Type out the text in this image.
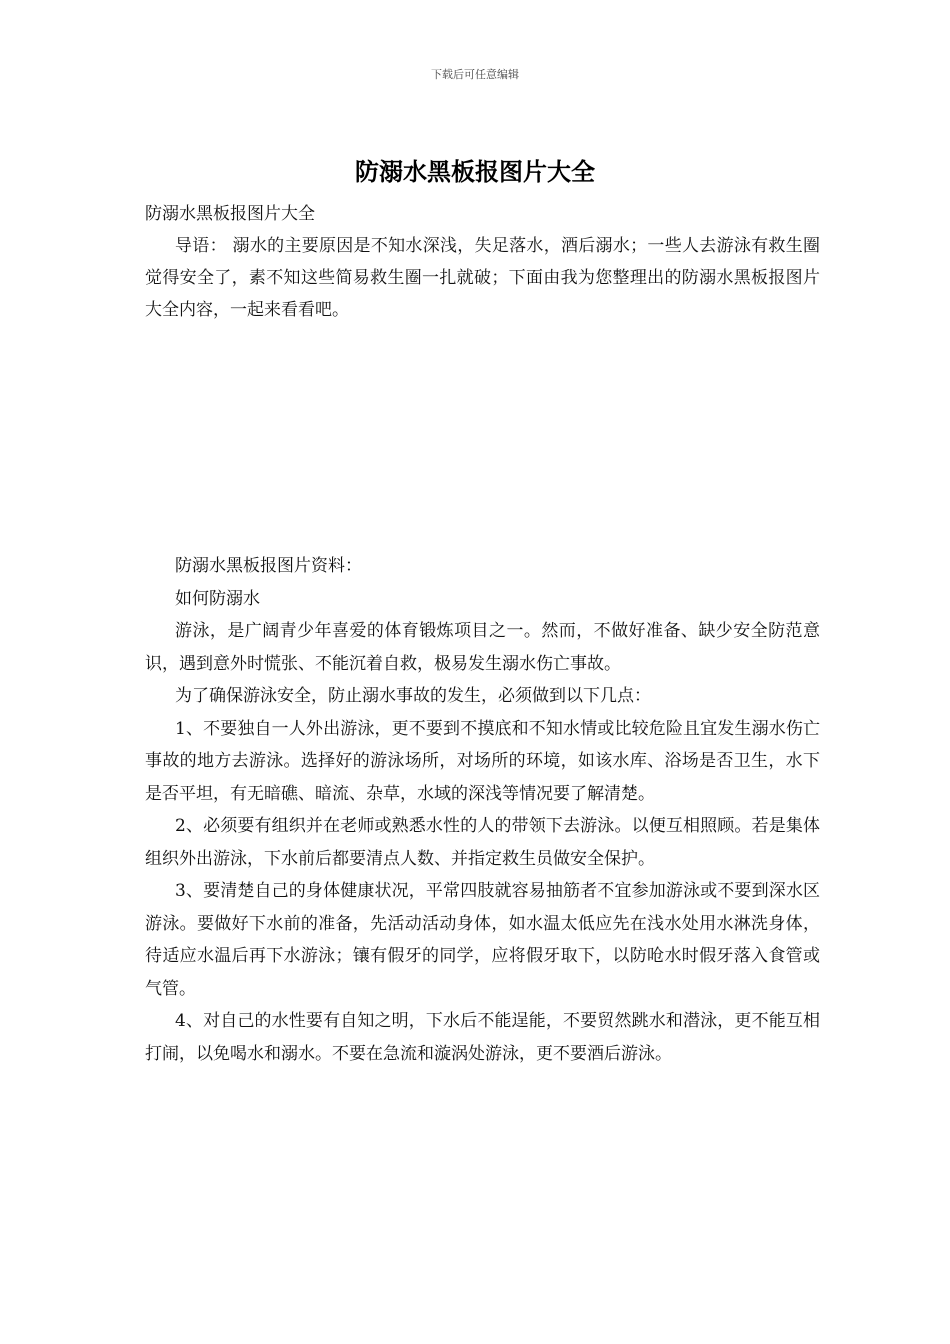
下载后可任意编辑
防溺水黑板报图片大全

防溺水黑板报图片大全

导语： 溺水的主要原因是不知水深浅，失足落水，酒后溺水；一些人去游泳有救生圈觉得安全了，素不知这些简易救生圈一扎就破；下面由我为您整理出的防溺水黑板报图片大全内容，一起来看看吧。

防溺水黑板报图片资料：

如何防溺水

游泳，是广阔青少年喜爱的体育锻炼项目之一。然而，不做好准备、缺少安全防范意识，遇到意外时慌张、不能沉着自救，极易发生溺水伤亡事故。

为了确保游泳安全，防止溺水事故的发生，必须做到以下几点：

1、不要独自一人外出游泳，更不要到不摸底和不知水情或比较危险且宜发生溺水伤亡事故的地方去游泳。选择好的游泳场所，对场所的环境，如该水库、浴场是否卫生，水下是否平坦，有无暗礁、暗流、杂草，水域的深浅等情况要了解清楚。

2、必须要有组织并在老师或熟悉水性的人的带领下去游泳。以便互相照顾。若是集体组织外出游泳，下水前后都要清点人数、并指定救生员做安全保护。

3、要清楚自己的身体健康状况，平常四肢就容易抽筋者不宜参加游泳或不要到深水区游泳。要做好下水前的准备，先活动活动身体，如水温太低应先在浅水处用水淋洗身体，待适应水温后再下水游泳；镶有假牙的同学，应将假牙取下，以防呛水时假牙落入食管或气管。

4、对自己的水性要有自知之明，下水后不能逞能，不要贸然跳水和潜泳，更不能互相打闹，以免喝水和溺水。不要在急流和漩涡处游泳，更不要酒后游泳。
